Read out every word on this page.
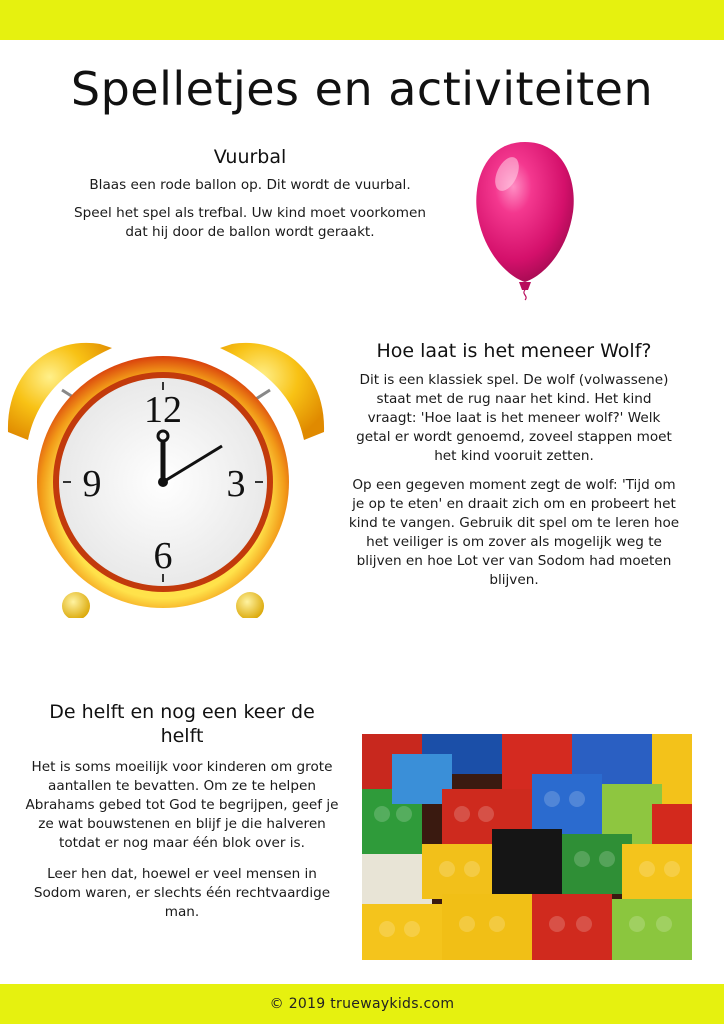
Spelletjes en activiteiten
Vuurbal

Blaas een rode ballon op. Dit wordt de vuurbal.

Speel het spel als trefbal. Uw kind moet voorkomen dat hij door de ballon wordt geraakt.

12
3
6
9
Hoe laat is het meneer Wolf?

Dit is een klassiek spel. De wolf (volwassene) staat met de rug naar het kind. Het kind vraagt: 'Hoe laat is het meneer wolf?' Welk getal er wordt genoemd, zoveel stappen moet het kind vooruit zetten.

Op een gegeven moment zegt de wolf: 'Tijd om je op te eten' en draait zich om en probeert het kind te vangen. Gebruik dit spel om te leren hoe het veiliger is om zover als mogelijk weg te blijven en hoe Lot ver van Sodom had moeten blijven.

De helft en nog een keer de helft

Het is soms moeilijk voor kinderen om grote aantallen te bevatten. Om ze te helpen Abrahams gebed tot God te begrijpen, geef je ze wat bouwstenen en blijf je die halveren totdat er nog maar één blok over is.

Leer hen dat, hoewel er veel mensen in Sodom waren, er slechts één rechtvaardige man.

© 2019 truewaykids.com
